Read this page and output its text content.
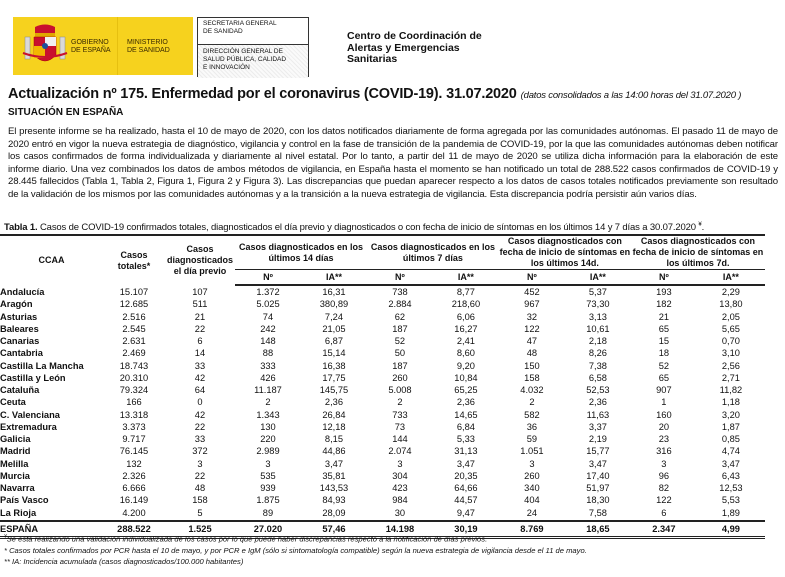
GOBIERNO
DE ESPAÑA
MINISTERIO
DE SANIDAD
SECRETARIA GENERAL
DE SANIDAD
DIRECCIÓN GENERAL DE
SALUD PÚBLICA, CALIDAD
E INNOVACIÓN
Centro de Coordinación de
Alertas y Emergencias
Sanitarias
Actualización nº 175. Enfermedad por el coronavirus (COVID-19). 31.07.2020 (datos consolidados a las 14:00 horas del 31.07.2020 )
SITUACIÓN EN ESPAÑA
El presente informe se ha realizado, hasta el 10 de mayo de 2020, con los datos notificados diariamente de forma agregada por las comunidades autónomas. El pasado 11 de mayo de 2020 entró en vigor la nueva estrategia de diagnóstico, vigilancia y control en la fase de transición de la pandemia de COVID-19, por la que las comunidades autónomas deben notificar los casos confirmados de forma individualizada y diariamente al nivel estatal. Por lo tanto, a partir del 11 de mayo de 2020 se utiliza dicha información para la elaboración de este informe diario. Una vez combinados los datos de ambos métodos de vigilancia, en España hasta el momento se han notificado un total de 288.522 casos confirmados de COVID-19 y 28.445 fallecidos (Tabla 1, Tabla 2, Figura 1, Figura 2 y Figura 3). Las discrepancias que puedan aparecer respecto a los datos de casos totales notificados previamente son resultado de la validación de los mismos por las comunidades autónomas y a la transición a la nueva estrategia de vigilancia. Esta discrepancia podría persistir aún varios días.
Tabla 1. Casos de COVID-19 confirmados totales, diagnosticados el día previo y diagnosticados o con fecha de inicio de síntomas en los últimos 14 y 7 días a 30.07.2020 ¥.
CCAA	Casos totales*	Casos diagnosticados el día previo	Casos diagnosticados en los últimos 14 días		Casos diagnosticados en los últimos 7 días		Casos diagnosticados con fecha de inicio de síntomas en los últimos 14d.		Casos diagnosticados con fecha de inicio de síntomas en los últimos 7d.	
			Nº	IA**	Nº	IA**	Nº	IA**	Nº	IA**
Andalucía	15.107	107	1.372	16,31	738	8,77	452	5,37	193	2,29
Aragón	12.685	511	5.025	380,89	2.884	218,60	967	73,30	182	13,80
Asturias	2.516	21	74	7,24	62	6,06	32	3,13	21	2,05
Baleares	2.545	22	242	21,05	187	16,27	122	10,61	65	5,65
Canarias	2.631	6	148	6,87	52	2,41	47	2,18	15	0,70
Cantabria	2.469	14	88	15,14	50	8,60	48	8,26	18	3,10
Castilla La Mancha	18.743	33	333	16,38	187	9,20	150	7,38	52	2,56
Castilla y León	20.310	42	426	17,75	260	10,84	158	6,58	65	2,71
Cataluña	79.324	64	11.187	145,75	5.008	65,25	4.032	52,53	907	11,82
Ceuta	166	0	2	2,36	2	2,36	2	2,36	1	1,18
C. Valenciana	13.318	42	1.343	26,84	733	14,65	582	11,63	160	3,20
Extremadura	3.373	22	130	12,18	73	6,84	36	3,37	20	1,87
Galicia	9.717	33	220	8,15	144	5,33	59	2,19	23	0,85
Madrid	76.145	372	2.989	44,86	2.074	31,13	1.051	15,77	316	4,74
Melilla	132	3	3	3,47	3	3,47	3	3,47	3	3,47
Murcia	2.326	22	535	35,81	304	20,35	260	17,40	96	6,43
Navarra	6.666	48	939	143,53	423	64,66	340	51,97	82	12,53
País Vasco	16.149	158	1.875	84,93	984	44,57	404	18,30	122	5,53
La Rioja	4.200	5	89	28,09	30	9,47	24	7,58	6	1,89
ESPAÑA	288.522	1.525	27.020	57,46	14.198	30,19	8.769	18,65	2.347	4,99
¥Se está realizando una validación individualizada de los casos por lo que puede haber discrepancias respecto a la notificación de días previos.
* Casos totales confirmados por PCR hasta el 10 de mayo, y por PCR e IgM (sólo si sintomatología compatible) según la nueva estrategia de vigilancia desde el 11 de mayo.
** IA: Incidencia acumulada (casos diagnosticados/100.000 habitantes)
